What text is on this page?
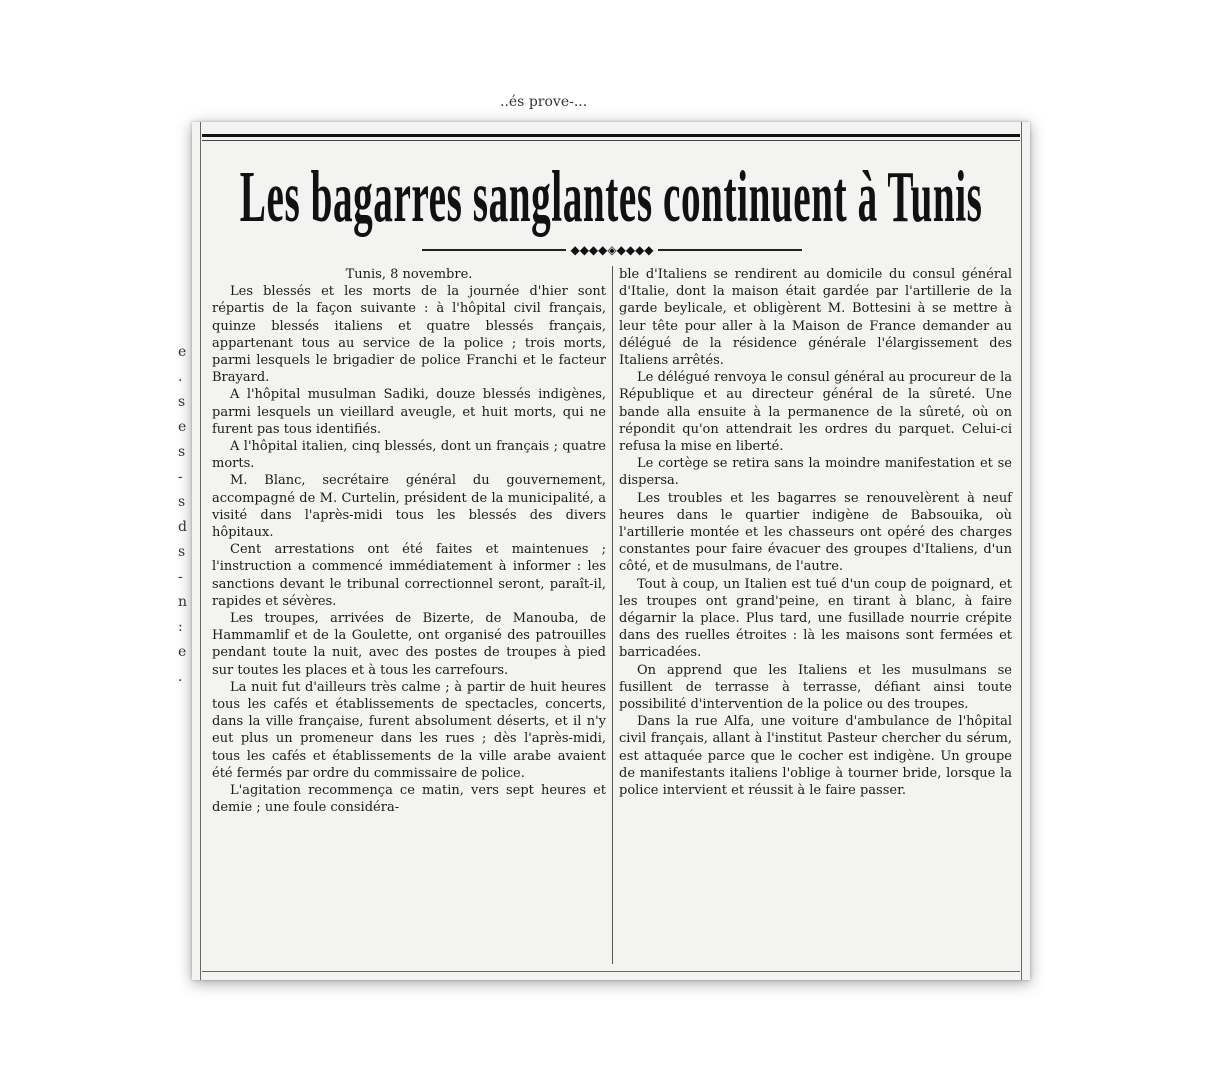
Les bagarres sanglantes continuent à Tunis
◆◆◆◆◈◆◆◆◆

Tunis, 8 novembre.

Les blessés et les morts de la journée d'hier sont répartis de la façon suivante : à l'hôpital civil français, quinze blessés italiens et quatre blessés français, appartenant tous au service de la police ; trois morts, parmi lesquels le brigadier de police Franchi et le facteur Brayard.

A l'hôpital musulman Sadiki, douze blessés indigènes, parmi lesquels un vieillard aveugle, et huit morts, qui ne furent pas tous identifiés.

A l'hôpital italien, cinq blessés, dont un français ; quatre morts.

M. Blanc, secrétaire général du gouvernement, accompagné de M. Curtelin, président de la municipalité, a visité dans l'après-midi tous les blessés des divers hôpitaux.

Cent arrestations ont été faites et maintenues ; l'instruction a commencé immédiatement à informer : les sanctions devant le tribunal correctionnel seront, paraît-il, rapides et sévères.

Les troupes, arrivées de Bizerte, de Manouba, de Hammamlif et de la Goulette, ont organisé des patrouilles pendant toute la nuit, avec des postes de troupes à pied sur toutes les places et à tous les carrefours.

La nuit fut d'ailleurs très calme ; à partir de huit heures tous les cafés et établissements de spectacles, concerts, dans la ville française, furent absolument déserts, et il n'y eut plus un promeneur dans les rues ; dès l'après-midi, tous les cafés et établissements de la ville arabe avaient été fermés par ordre du commissaire de police.

L'agitation recommença ce matin, vers sept heures et demie ; une foule considéra-

ble d'Italiens se rendirent au domicile du consul général d'Italie, dont la maison était gardée par l'artillerie de la garde beylicale, et obligèrent M. Bottesini à se mettre à leur tête pour aller à la Maison de France demander au délégué de la résidence générale l'élargissement des Italiens arrêtés.

Le délégué renvoya le consul général au procureur de la République et au directeur général de la sûreté. Une bande alla ensuite à la permanence de la sûreté, où on répondit qu'on attendrait les ordres du parquet. Celui-ci refusa la mise en liberté.

Le cortège se retira sans la moindre manifestation et se dispersa.

Les troubles et les bagarres se renouvelèrent à neuf heures dans le quartier indigène de Babsouika, où l'artillerie montée et les chasseurs ont opéré des charges constantes pour faire évacuer des groupes d'Italiens, d'un côté, et de musulmans, de l'autre.

Tout à coup, un Italien est tué d'un coup de poignard, et les troupes ont grand'peine, en tirant à blanc, à faire dégarnir la place. Plus tard, une fusillade nourrie crépite dans des ruelles étroites : là les maisons sont fermées et barricadées.

On apprend que les Italiens et les musulmans se fusillent de terrasse à terrasse, défiant ainsi toute possibilité d'intervention de la police ou des troupes.

Dans la rue Alfa, une voiture d'ambulance de l'hôpital civil français, allant à l'institut Pasteur chercher du sérum, est attaquée parce que le cocher est indigène. Un groupe de manifestants italiens l'oblige à tourner bride, lorsque la police intervient et réussit à le faire passer.

..és prove-...
e
.
s
e
s
-
s
d
s
-
n
:
e
.
